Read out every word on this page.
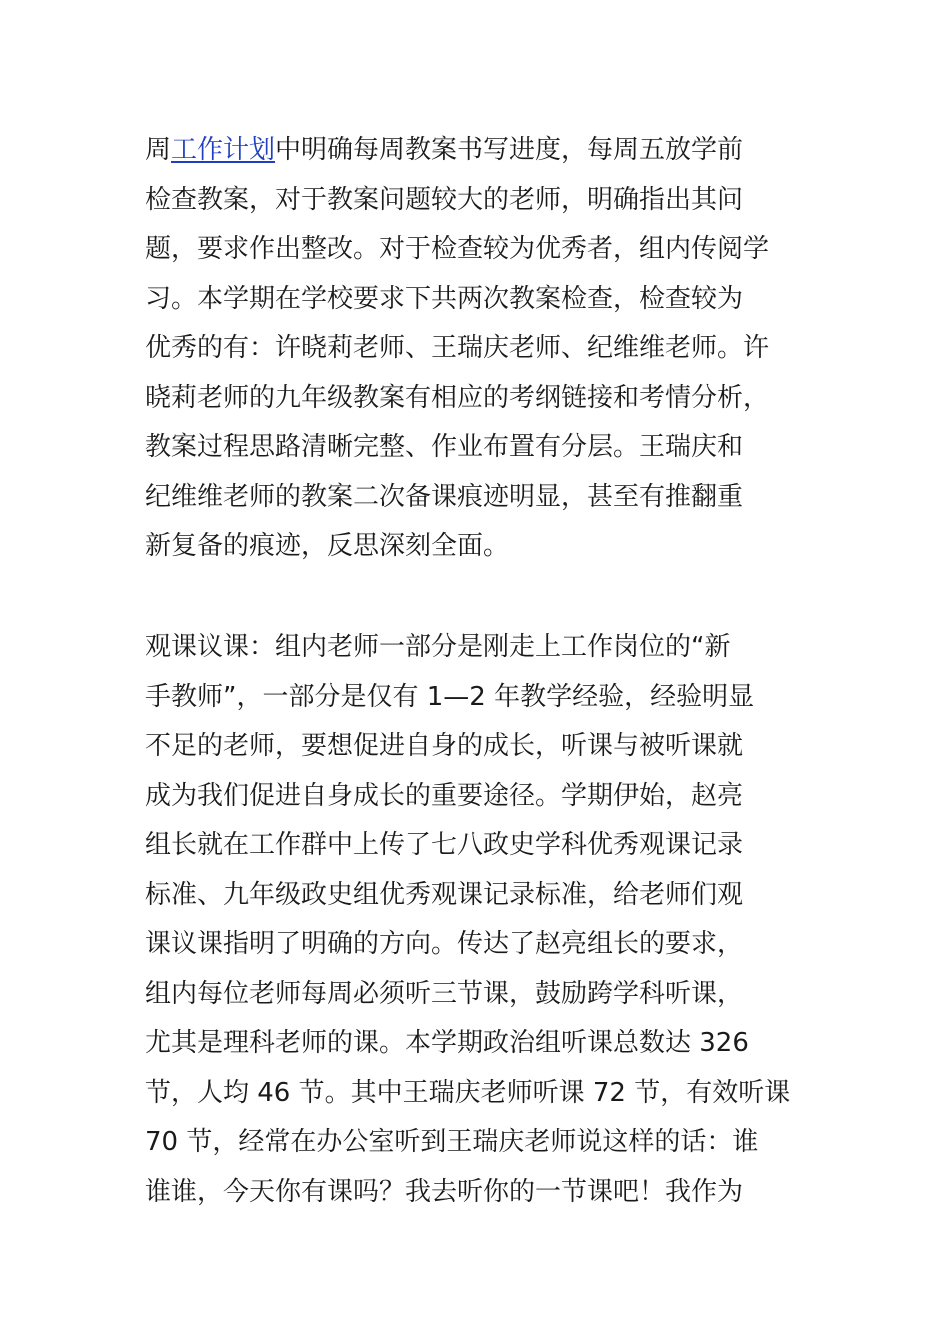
周工作计划中明确每周教案书写进度，每周五放学前
检查教案，对于教案问题较大的老师，明确指出其问
题，要求作出整改。对于检查较为优秀者，组内传阅学
习。本学期在学校要求下共两次教案检查，检查较为
优秀的有：许晓莉老师、王瑞庆老师、纪维维老师。许
晓莉老师的九年级教案有相应的考纲链接和考情分析，
教案过程思路清晰完整、作业布置有分层。王瑞庆和
纪维维老师的教案二次备课痕迹明显，甚至有推翻重
新复备的痕迹，反思深刻全面。
观课议课：组内老师一部分是刚走上工作岗位的“新
手教师”，一部分是仅有 1—2 年教学经验，经验明显
不足的老师，要想促进自身的成长，听课与被听课就
成为我们促进自身成长的重要途径。学期伊始，赵亮
组长就在工作群中上传了七八政史学科优秀观课记录
标准、九年级政史组优秀观课记录标准，给老师们观
课议课指明了明确的方向。传达了赵亮组长的要求，
组内每位老师每周必须听三节课，鼓励跨学科听课，
尤其是理科老师的课。本学期政治组听课总数达 326
节，人均 46 节。其中王瑞庆老师听课 72 节，有效听课
70 节，经常在办公室听到王瑞庆老师说这样的话：谁
谁谁，今天你有课吗？我去听你的一节课吧！我作为
